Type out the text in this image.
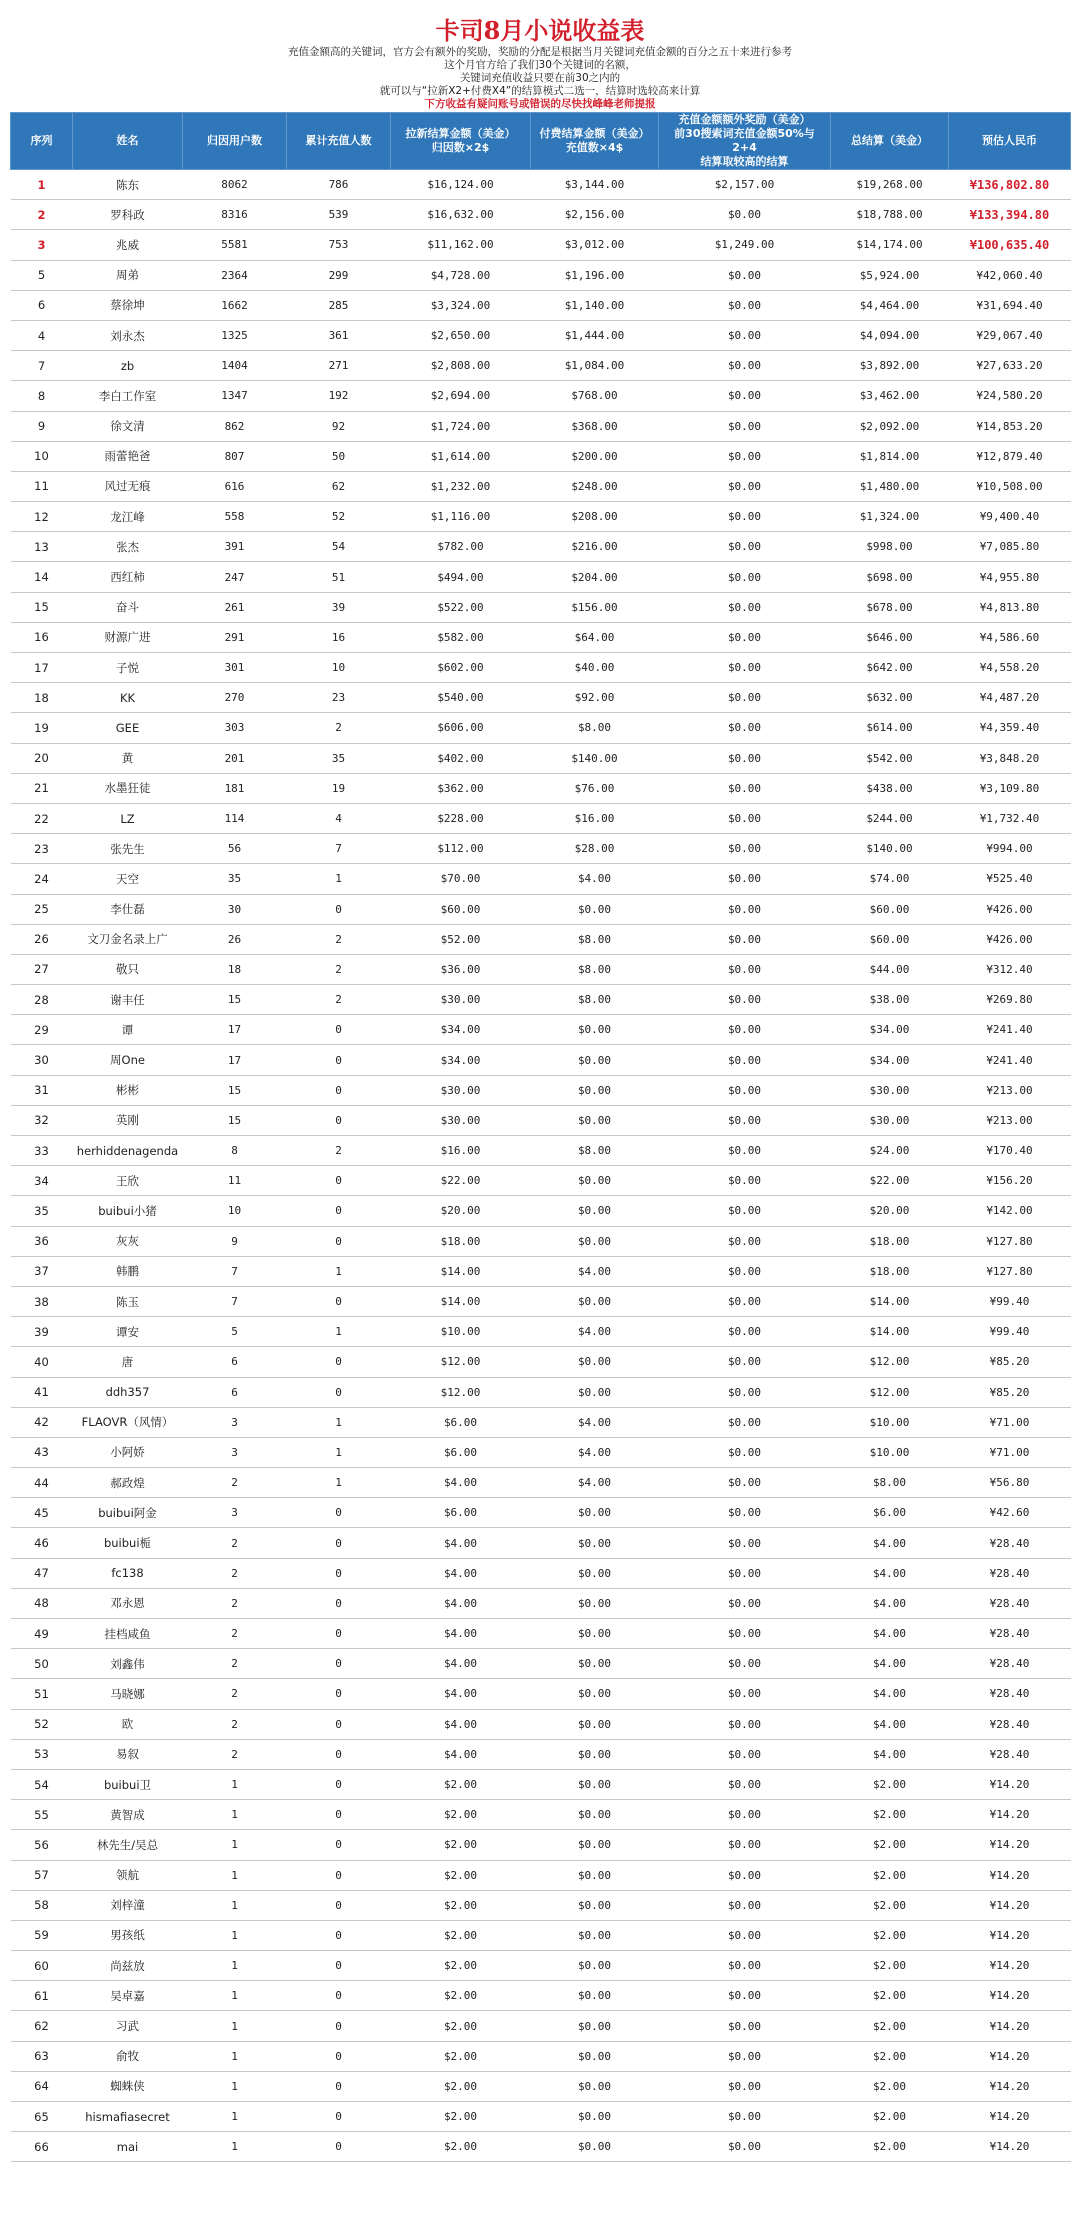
卡司8月小说收益表
充值金额高的关键词，官方会有额外的奖励，奖励的分配是根据当月关键词充值金额的百分之五十来进行参考
这个月官方给了我们30个关键词的名额，
关键词充值收益只要在前30之内的
就可以与“拉新X2+付费X4”的结算模式二选一，结算时选较高来计算
下方收益有疑问账号或错误的尽快找峰峰老师提报
序列	姓名	归因用户数	累计充值人数	拉新结算金额（美金）
归因数×2$	付费结算金额（美金）
充值数×4$	充值金额额外奖励（美金）
前30搜索词充值金额50%与2+4
结算取较高的结算	总结算（美金）	预估人民币
1	陈东	8062	786	$16,124.00	$3,144.00	$2,157.00	$19,268.00	¥136,802.80
2	罗科政	8316	539	$16,632.00	$2,156.00	$0.00	$18,788.00	¥133,394.80
3	兆威	5581	753	$11,162.00	$3,012.00	$1,249.00	$14,174.00	¥100,635.40
5	周弟	2364	299	$4,728.00	$1,196.00	$0.00	$5,924.00	¥42,060.40
6	蔡徐坤	1662	285	$3,324.00	$1,140.00	$0.00	$4,464.00	¥31,694.40
4	刘永杰	1325	361	$2,650.00	$1,444.00	$0.00	$4,094.00	¥29,067.40
7	zb	1404	271	$2,808.00	$1,084.00	$0.00	$3,892.00	¥27,633.20
8	李白工作室	1347	192	$2,694.00	$768.00	$0.00	$3,462.00	¥24,580.20
9	徐文清	862	92	$1,724.00	$368.00	$0.00	$2,092.00	¥14,853.20
10	雨蕾艳爸	807	50	$1,614.00	$200.00	$0.00	$1,814.00	¥12,879.40
11	风过无痕	616	62	$1,232.00	$248.00	$0.00	$1,480.00	¥10,508.00
12	龙江峰	558	52	$1,116.00	$208.00	$0.00	$1,324.00	¥9,400.40
13	张杰	391	54	$782.00	$216.00	$0.00	$998.00	¥7,085.80
14	西红柿	247	51	$494.00	$204.00	$0.00	$698.00	¥4,955.80
15	奋斗	261	39	$522.00	$156.00	$0.00	$678.00	¥4,813.80
16	财源广进	291	16	$582.00	$64.00	$0.00	$646.00	¥4,586.60
17	子悦	301	10	$602.00	$40.00	$0.00	$642.00	¥4,558.20
18	KK	270	23	$540.00	$92.00	$0.00	$632.00	¥4,487.20
19	GEE	303	2	$606.00	$8.00	$0.00	$614.00	¥4,359.40
20	黄	201	35	$402.00	$140.00	$0.00	$542.00	¥3,848.20
21	水墨狂徒	181	19	$362.00	$76.00	$0.00	$438.00	¥3,109.80
22	LZ	114	4	$228.00	$16.00	$0.00	$244.00	¥1,732.40
23	张先生	56	7	$112.00	$28.00	$0.00	$140.00	¥994.00
24	天空	35	1	$70.00	$4.00	$0.00	$74.00	¥525.40
25	李仕磊	30	0	$60.00	$0.00	$0.00	$60.00	¥426.00
26	文刀金名录上广	26	2	$52.00	$8.00	$0.00	$60.00	¥426.00
27	敬只	18	2	$36.00	$8.00	$0.00	$44.00	¥312.40
28	谢丰任	15	2	$30.00	$8.00	$0.00	$38.00	¥269.80
29	谭	17	0	$34.00	$0.00	$0.00	$34.00	¥241.40
30	周One	17	0	$34.00	$0.00	$0.00	$34.00	¥241.40
31	彬彬	15	0	$30.00	$0.00	$0.00	$30.00	¥213.00
32	英刚	15	0	$30.00	$0.00	$0.00	$30.00	¥213.00
33	herhiddenagenda	8	2	$16.00	$8.00	$0.00	$24.00	¥170.40
34	王欣	11	0	$22.00	$0.00	$0.00	$22.00	¥156.20
35	buibui小猪	10	0	$20.00	$0.00	$0.00	$20.00	¥142.00
36	灰灰	9	0	$18.00	$0.00	$0.00	$18.00	¥127.80
37	韩鹏	7	1	$14.00	$4.00	$0.00	$18.00	¥127.80
38	陈玉	7	0	$14.00	$0.00	$0.00	$14.00	¥99.40
39	谭安	5	1	$10.00	$4.00	$0.00	$14.00	¥99.40
40	唐	6	0	$12.00	$0.00	$0.00	$12.00	¥85.20
41	ddh357	6	0	$12.00	$0.00	$0.00	$12.00	¥85.20
42	FLAOVR（风情）	3	1	$6.00	$4.00	$0.00	$10.00	¥71.00
43	小阿娇	3	1	$6.00	$4.00	$0.00	$10.00	¥71.00
44	郝政煌	2	1	$4.00	$4.00	$0.00	$8.00	¥56.80
45	buibui阿金	3	0	$6.00	$0.00	$0.00	$6.00	¥42.60
46	buibui栀	2	0	$4.00	$0.00	$0.00	$4.00	¥28.40
47	fc138	2	0	$4.00	$0.00	$0.00	$4.00	¥28.40
48	邓永恩	2	0	$4.00	$0.00	$0.00	$4.00	¥28.40
49	挂档咸鱼	2	0	$4.00	$0.00	$0.00	$4.00	¥28.40
50	刘鑫伟	2	0	$4.00	$0.00	$0.00	$4.00	¥28.40
51	马晓娜	2	0	$4.00	$0.00	$0.00	$4.00	¥28.40
52	欧	2	0	$4.00	$0.00	$0.00	$4.00	¥28.40
53	易叙	2	0	$4.00	$0.00	$0.00	$4.00	¥28.40
54	buibui卫	1	0	$2.00	$0.00	$0.00	$2.00	¥14.20
55	黄智成	1	0	$2.00	$0.00	$0.00	$2.00	¥14.20
56	林先生/吴总	1	0	$2.00	$0.00	$0.00	$2.00	¥14.20
57	领航	1	0	$2.00	$0.00	$0.00	$2.00	¥14.20
58	刘梓潼	1	0	$2.00	$0.00	$0.00	$2.00	¥14.20
59	男孩纸	1	0	$2.00	$0.00	$0.00	$2.00	¥14.20
60	尚兹放	1	0	$2.00	$0.00	$0.00	$2.00	¥14.20
61	吴卓嘉	1	0	$2.00	$0.00	$0.00	$2.00	¥14.20
62	习武	1	0	$2.00	$0.00	$0.00	$2.00	¥14.20
63	俞牧	1	0	$2.00	$0.00	$0.00	$2.00	¥14.20
64	蜘蛛侠	1	0	$2.00	$0.00	$0.00	$2.00	¥14.20
65	hismafiasecret	1	0	$2.00	$0.00	$0.00	$2.00	¥14.20
66	mai	1	0	$2.00	$0.00	$0.00	$2.00	¥14.20
